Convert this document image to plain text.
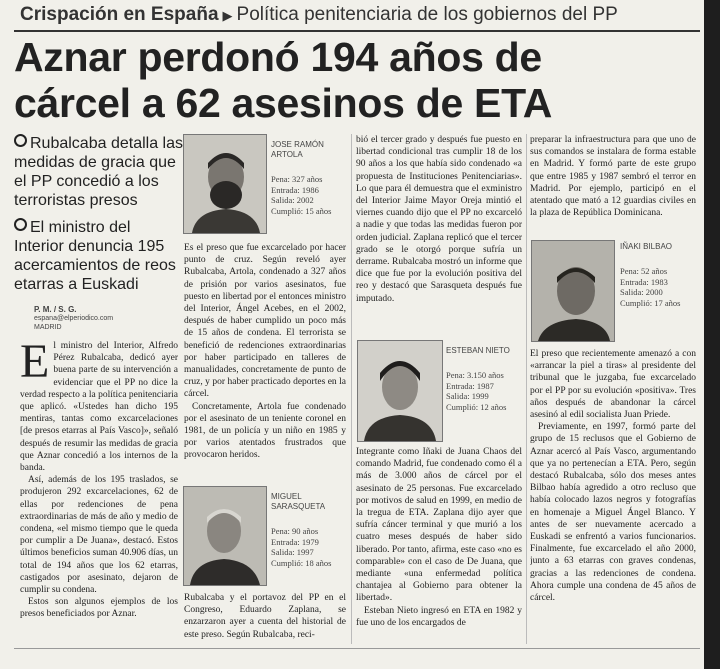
Crispación en España ▶ Política penitenciaria de los gobiernos del PP
Aznar perdonó 194 años de
cárcel a 62 asesinos de ETA
Rubalcaba detalla las medidas de gracia que el PP concedió a los terroristas presos
El ministro del Interior denuncia 195 acercamientos de reos etarras a Euskadi
P. M. / S. G.
espana@elperiodico.com
MADRID
El ministro del Interior, Alfredo Pérez Rubalcaba, dedicó ayer buena parte de su intervención a evidenciar que el PP no dice la verdad respecto a la política penitenciaria que aplicó. «Ustedes han dicho 195 mentiras, tantas como excarcelaciones [de presos etarras al País Vasco]», señaló después de resumir las medidas de gracia que Aznar concedió a los internos de la banda.
Así, además de los 195 traslados, se produjeron 292 excarcelaciones, 62 de ellas por redenciones de pena extraordinarias de más de año y medio de condena, «el mismo tiempo que le queda por cumplir a De Juana», destacó. Estos últimos beneficios suman 40.906 días, un total de 194 años que los 62 etarras, castigados por asesinato, dejaron de cumplir su condena.
Estos son algunos ejemplos de los presos beneficiados por Aznar.
JOSE RAMÓN ARTOLA
Pena: 327 años
Entrada: 1986
Salida: 2002
Cumplió: 15 años
Es el preso que fue excarcelado por hacer punto de cruz. Según reveló ayer Rubalcaba, Artola, condenado a 327 años de prisión por varios asesinatos, fue puesto en libertad por el entonces ministro del Interior, Ángel Acebes, en el 2002, después de haber cumplido un poco más de 15 años de condena. El terrorista se benefició de redenciones extraordinarias por haber participado en talleres de manualidades, concretamente de punto de cruz, y por haber practicado deportes en la cárcel.
Concretamente, Artola fue condenado por el asesinato de un teniente coronel en 1981, de un policía y un niño en 1985 y por varios atentados frustrados que provocaron heridos.
MIGUEL SARASQUETA
Pena: 90 años
Entrada: 1979
Salida: 1997
Cumplió: 18 años
Rubalcaba y el portavoz del PP en el Congreso, Eduardo Zaplana, se enzarzaron ayer a cuenta del historial de este preso. Según Rubalcaba, reci-
bió el tercer grado y después fue puesto en libertad condicional tras cumplir 18 de los 90 años a los que había sido condenado «a propuesta de Instituciones Penitenciarias». Lo que para él demuestra que el exministro del Interior Jaime Mayor Oreja mintió el viernes cuando dijo que el PP no excarceló a nadie y que todas las medidas fueron por orden judicial. Zaplana replicó que el tercer grado se le otorgó porque sufría un derrame. Rubalcaba mostró un informe que dice que fue por la evolución positiva del reo y destacó que Sarasqueta después fue imputado.
ESTEBAN NIETO
Pena: 3.150 años
Entrada: 1987
Salida: 1999
Cumplió: 12 años
Integrante como Iñaki de Juana Chaos del comando Madrid, fue condenado como él a más de 3.000 años de cárcel por el asesinato de 25 personas. Fue excarcelado por motivos de salud en 1999, en medio de la tregua de ETA. Zaplana dijo ayer que sufría cáncer terminal y que murió a los cuatro meses después de haber sido liberado. Por tanto, afirma, este caso «no es comparable» con el caso de De Juana, que mediante «una enfermedad política chantajea al Gobierno para obtener la libertad».
Esteban Nieto ingresó en ETA en 1982 y fue uno de los encargados de
preparar la infraestructura para que uno de sus comandos se instalara de forma estable en Madrid. Y formó parte de este grupo que entre 1985 y 1987 sembró el terror en Madrid. Por ejemplo, participó en el atentado que mató a 12 guardias civiles en la plaza de República Dominicana.
IÑAKI BILBAO
Pena: 52 años
Entrada: 1983
Salida: 2000
Cumplió: 17 años
El preso que recientemente amenazó a con «arrancar la piel a tiras» al presidente del tribunal que le juzgaba, fue excarcelado por el PP por su evolución «positiva». Tres años después de abandonar la cárcel asesinó al edil socialista Juan Priede.
Previamente, en 1997, formó parte del grupo de 15 reclusos que el Gobierno de Aznar acercó al País Vasco, argumentando que ya no pertenecían a ETA. Pero, según destacó Rubalcaba, sólo dos meses antes Bilbao había agredido a otro recluso que había colocado lazos negros y fotografías en homenaje a Miguel Ángel Blanco. Y antes de ser nuevamente acercado a Euskadi se enfrentó a varios funcionarios. Finalmente, fue excarcelado el año 2000, junto a 63 etarras con graves condenas, gracias a las redenciones de condena. Ahora cumple una condena de 45 años de cárcel.
